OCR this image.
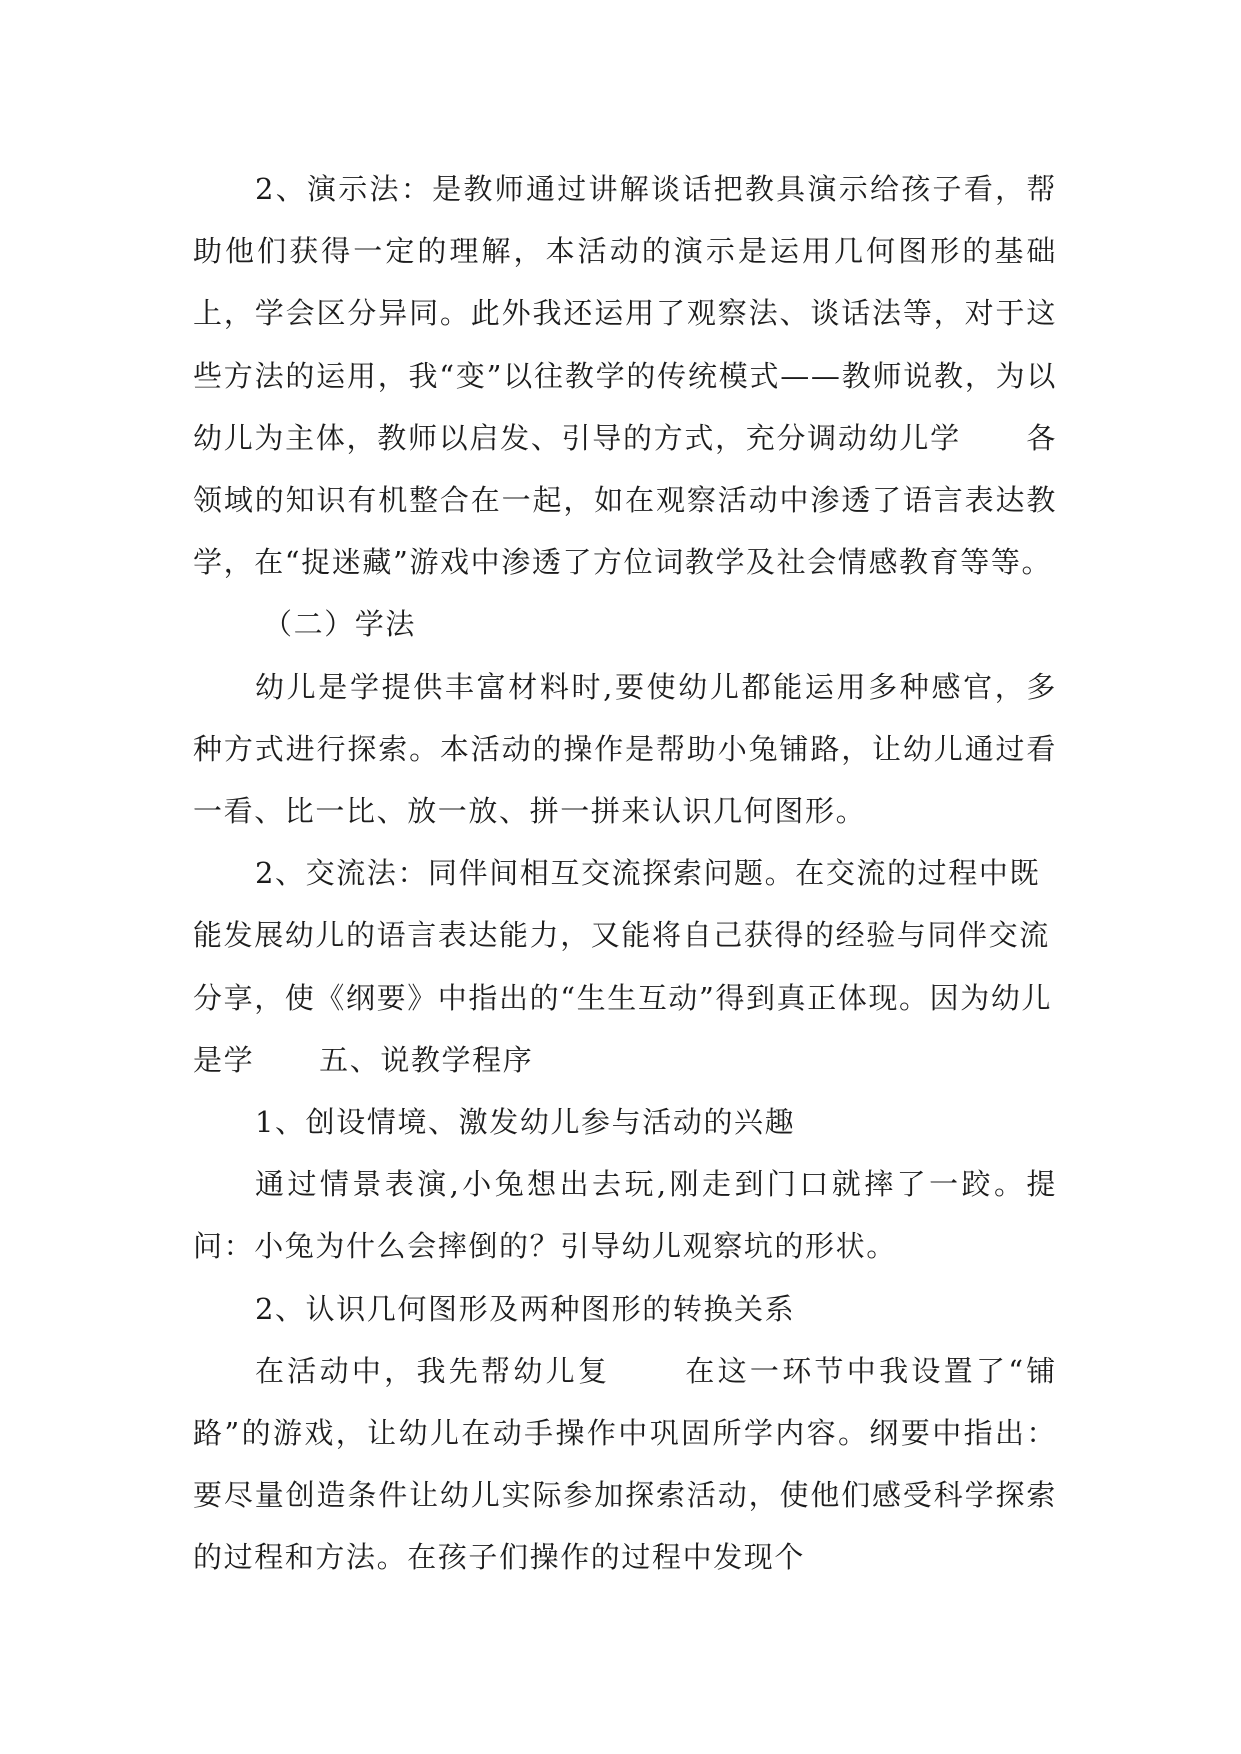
2、演示法：是教师通过讲解谈话把教具演示给孩子看，帮助他们获得一定的理解，本活动的演示是运用几何图形的基础上，学会区分异同。此外我还运用了观察法、谈话法等，对于这些方法的运用，我“变”以往教学的传统模式——教师说教，为以幼儿为主体，教师以启发、引导的方式，充分调动幼儿学 各领域的知识有机整合在一起，如在观察活动中渗透了语言表达教学，在“捉迷藏”游戏中渗透了方位词教学及社会情感教育等等。

（二）学法

幼儿是学提供丰富材料时,要使幼儿都能运用多种感官，多种方式进行探索。本活动的操作是帮助小兔铺路，让幼儿通过看一看、比一比、放一放、拼一拼来认识几何图形。

2、交流法：同伴间相互交流探索问题。在交流的过程中既能发展幼儿的语言表达能力，又能将自己获得的经验与同伴交流分享，使《纲要》中指出的“生生互动”得到真正体现。因为幼儿是学 五、说教学程序

1、创设情境、激发幼儿参与活动的兴趣

通过情景表演,小兔想出去玩,刚走到门口就摔了一跤。提问：小兔为什么会摔倒的？引导幼儿观察坑的形状。

2、认识几何图形及两种图形的转换关系

在活动中，我先帮幼儿复	在这一环节中我设置了“铺路”的游戏，让幼儿在动手操作中巩固所学内容。纲要中指出：要尽量创造条件让幼儿实际参加探索活动，使他们感受科学探索的过程和方法。在孩子们操作的过程中发现个
